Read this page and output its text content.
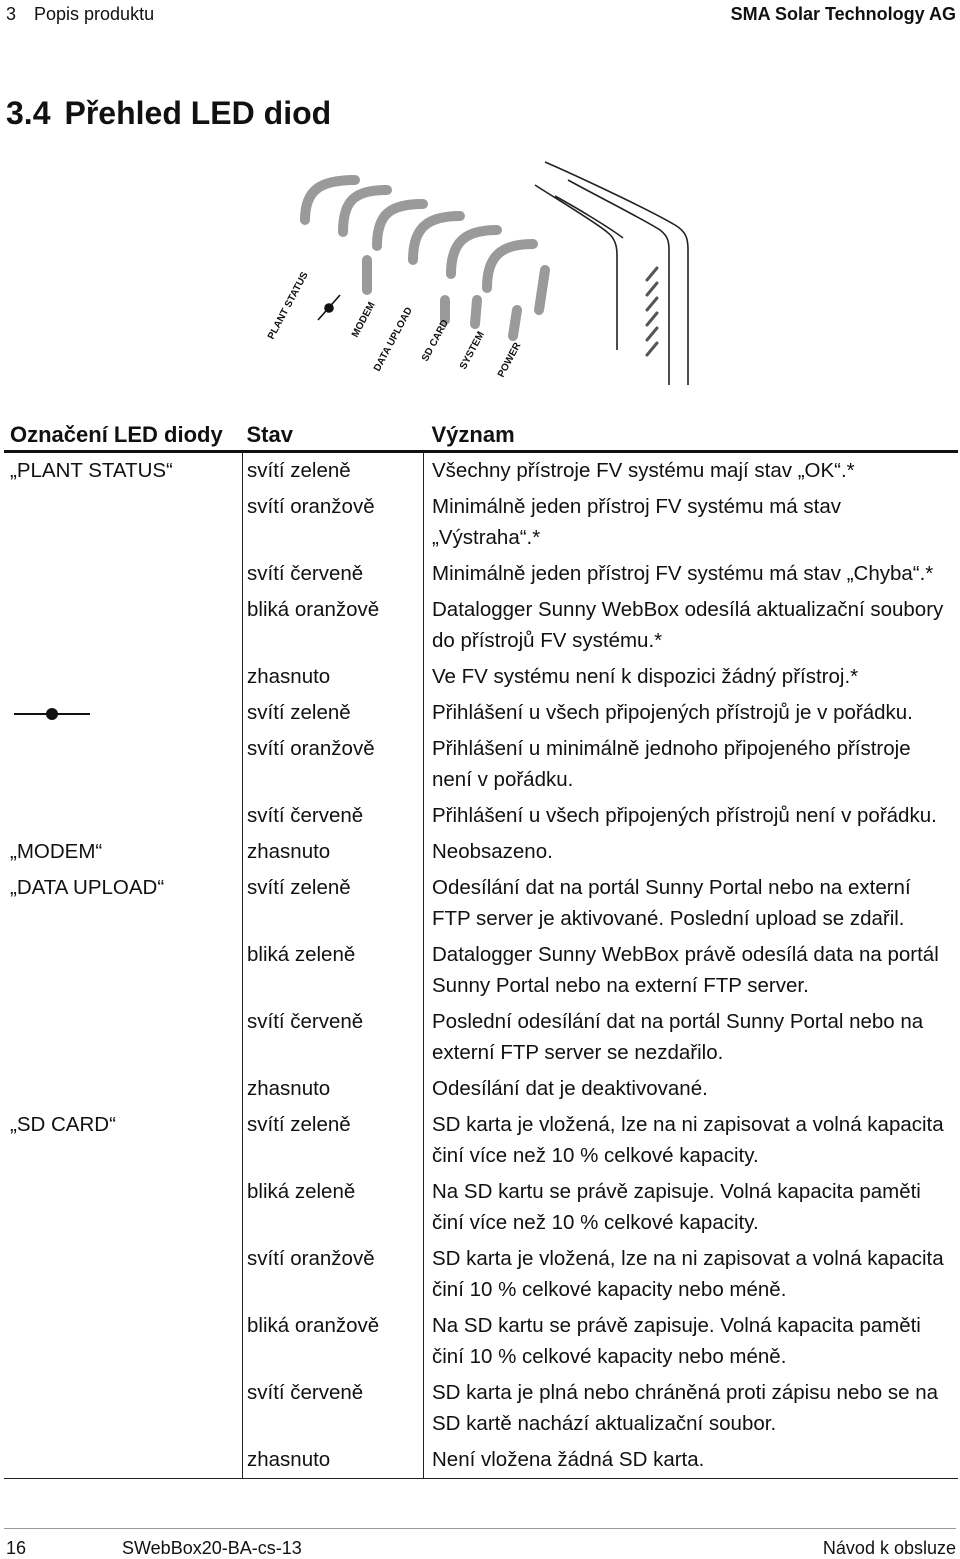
3 Popis produktu	SMA Solar Technology AG
3.4 Přehled LED diod
PLANT STATUS	MODEM
DATA UPLOAD SD CARD SYSTEM POWER
Označení LED diody	Stav	Význam
„PLANT STATUS“	svítí zeleně	Všechny přístroje FV systému mají stav „OK“.*
	svítí oranžově	Minimálně jeden přístroj FV systému má stav „Výstraha“.*
	svítí červeně	Minimálně jeden přístroj FV systému má stav „Chyba“.*
	bliká oranžově	Datalogger Sunny WebBox odesílá aktualizační soubory do přístrojů FV systému.*
	zhasnuto	Ve FV systému není k dispozici žádný přístroj.*
	svítí zeleně	Přihlášení u všech připojených přístrojů je v pořádku.
	svítí oranžově	Přihlášení u minimálně jednoho připojeného přístroje není v pořádku.
	svítí červeně	Přihlášení u všech připojených přístrojů není v pořádku.
„MODEM“	zhasnuto	Neobsazeno.
„DATA UPLOAD“	svítí zeleně	Odesílání dat na portál Sunny Portal nebo na externí FTP server je aktivované. Poslední upload se zdařil.
	bliká zeleně	Datalogger Sunny WebBox právě odesílá data na portál Sunny Portal nebo na externí FTP server.
	svítí červeně	Poslední odesílání dat na portál Sunny Portal nebo na externí FTP server se nezdařilo.
	zhasnuto	Odesílání dat je deaktivované.
„SD CARD“	svítí zeleně	SD karta je vložená, lze na ni zapisovat a volná kapacita činí více než 10 % celkové kapacity.
	bliká zeleně	Na SD kartu se právě zapisuje. Volná kapacita paměti činí více než 10 % celkové kapacity.
	svítí oranžově	SD karta je vložená, lze na ni zapisovat a volná kapacita činí 10 % celkové kapacity nebo méně.
	bliká oranžově	Na SD kartu se právě zapisuje. Volná kapacita paměti činí 10 % celkové kapacity nebo méně.
	svítí červeně	SD karta je plná nebo chráněná proti zápisu nebo se na SD kartě nachází aktualizační soubor.
	zhasnuto	Není vložena žádná SD karta.
16	SWebBox20-BA-cs-13	Návod k obsluze
